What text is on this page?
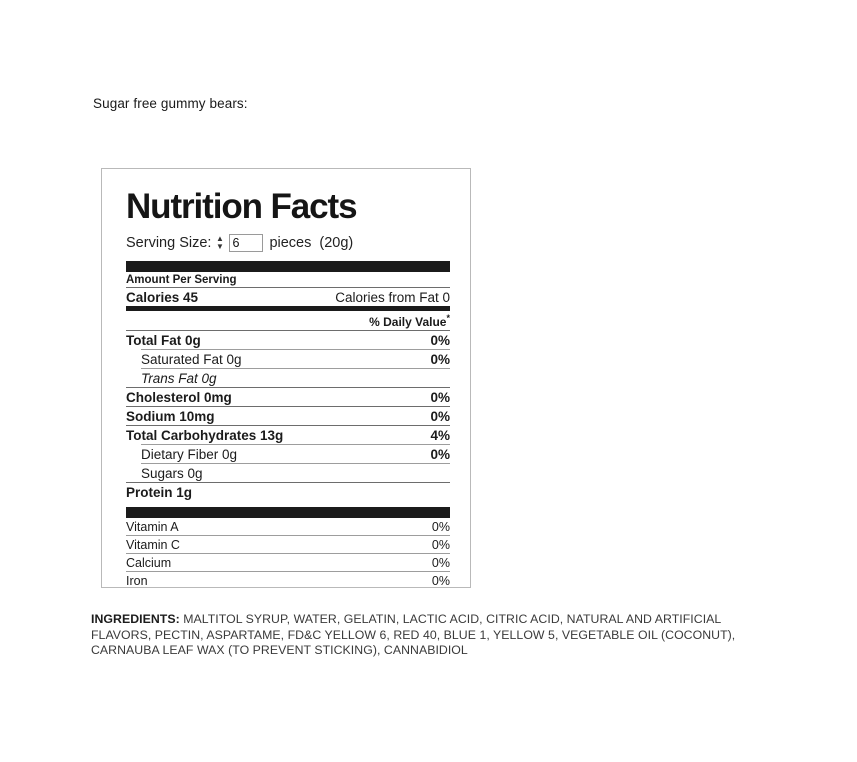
Sugar free gummy bears:
Nutrition Facts
Serving Size: ▲
▼
6	pieces (20g)
Amount Per Serving
Calories 45	Calories from Fat 0
% Daily Value*
Total Fat 0g	0%
Saturated Fat 0g	0%
Trans Fat 0g
Cholesterol 0mg	0%
Sodium 10mg	0%
Total Carbohydrates 13g	4%
Dietary Fiber 0g	0%
Sugars 0g
Protein 1g
Vitamin A	0%
Vitamin C	0%
Calcium	0%
Iron	0%
INGREDIENTS: MALTITOL SYRUP, WATER, GELATIN, LACTIC ACID, CITRIC ACID, NATURAL AND ARTIFICIAL FLAVORS, PECTIN, ASPARTAME, FD&C YELLOW 6, RED 40, BLUE 1, YELLOW 5, VEGETABLE OIL (COCONUT), CARNAUBA LEAF WAX (TO PREVENT STICKING), CANNABIDIOL
